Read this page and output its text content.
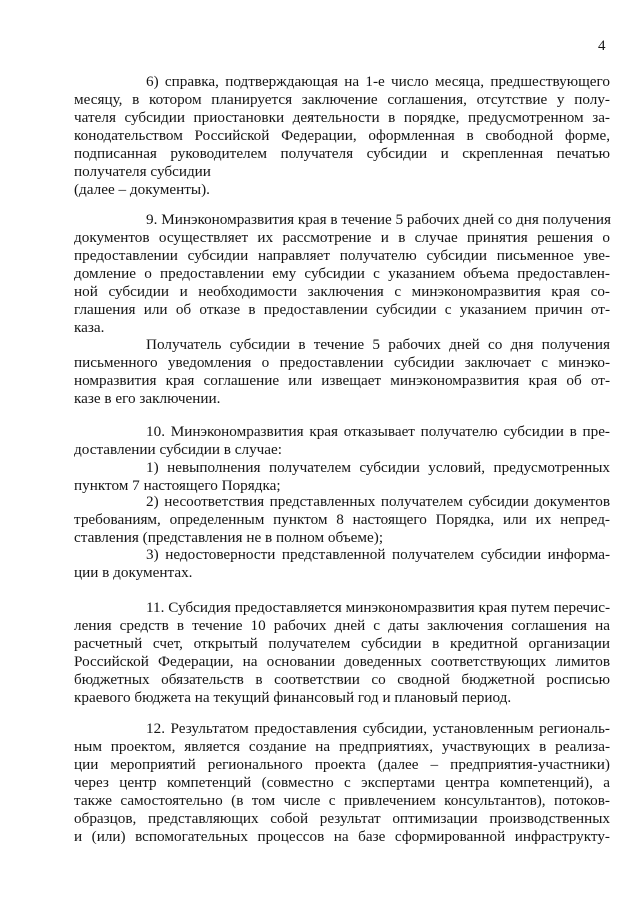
4
6) справка, подтверждающая на 1-е число месяца, предшествующего
месяцу, в котором планируется заключение соглашения, отсутствие у полу-
чателя субсидии приостановки деятельности в порядке, предусмотренном за-
конодательством Российской Федерации, оформленная в свободной форме,
подписанная руководителем получателя субсидии и скрепленная печатью
получателя субсидии
(далее – документы).
9. Минэкономразвития края в течение 5 рабочих дней со дня получения
документов осуществляет их рассмотрение и в случае принятия решения о
предоставлении субсидии направляет получателю субсидии письменное уве-
домление о предоставлении ему субсидии с указанием объема предоставлен-
ной субсидии и необходимости заключения с минэкономразвития края со-
глашения или об отказе в предоставлении субсидии с указанием причин от-
каза.
Получатель субсидии в течение 5 рабочих дней со дня получения
письменного уведомления о предоставлении субсидии заключает с минэко-
номразвития края соглашение или извещает минэкономразвития края об от-
казе в его заключении.
10. Минэкономразвития края отказывает получателю субсидии в пре-
доставлении субсидии в случае:
1) невыполнения получателем субсидии условий, предусмотренных
пунктом 7 настоящего Порядка;
2) несоответствия представленных получателем субсидии документов
требованиям, определенным пунктом 8 настоящего Порядка, или их непред-
ставления (представления не в полном объеме);
3) недостоверности представленной получателем субсидии информа-
ции в документах.
11. Субсидия предоставляется минэкономразвития края путем перечис-
ления средств в течение 10 рабочих дней с даты заключения соглашения на
расчетный счет, открытый получателем субсидии в кредитной организации
Российской Федерации, на основании доведенных соответствующих лимитов
бюджетных обязательств в соответствии со сводной бюджетной росписью
краевого бюджета на текущий финансовый год и плановый период.
12. Результатом предоставления субсидии, установленным региональ-
ным проектом, является создание на предприятиях, участвующих в реализа-
ции мероприятий регионального проекта (далее – предприятия-участники)
через центр компетенций (совместно с экспертами центра компетенций), а
также самостоятельно (в том числе с привлечением консультантов), потоков-
образцов, представляющих собой результат оптимизации производственных
и (или) вспомогательных процессов на базе сформированной инфраструкту-
